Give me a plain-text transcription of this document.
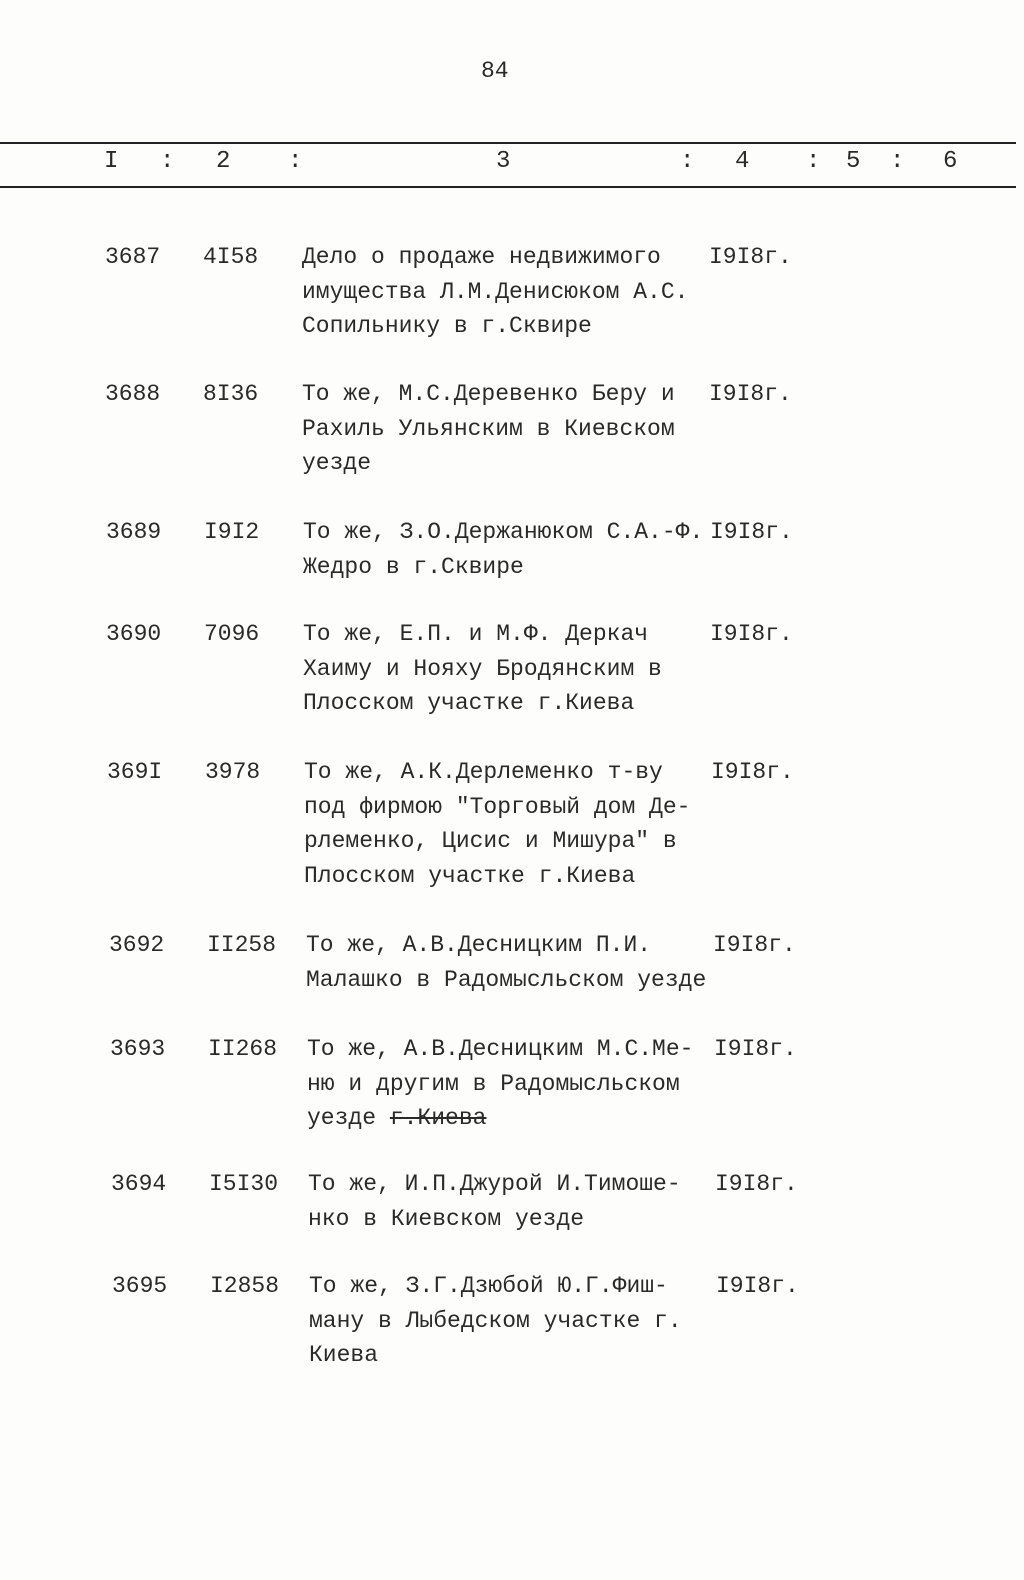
84
I : 2 :	3	: 4 : 5 : 6
3687 4I58 Дело о продаже недвижимого
имущества Л.М.Денисюком А.С.
Сопильнику в г.Сквире
I9I8г.
3688 8I36 То же, М.С.Деревенко Беру и
Рахиль Ульянским в Киевском
уезде
I9I8г.
3689 I9I2 То же, З.О.Держанюком С.А.-Ф.
Жедро в г.Сквире
I9I8г.
3690 7096 То же, Е.П. и М.Ф. Деркач
Хаиму и Нояху Бродянским в
Плосском участке г.Киева
I9I8г.
369I 3978 То же, А.К.Дерлеменко т-ву
под фирмою "Торговый дом Де-
рлеменко, Цисис и Мишура" в
Плосском участке г.Киева
I9I8г.
3692 II258 То же, А.В.Десницким П.И.
Малашко в Радомысльском уезде
I9I8г.
3693 II268 То же, А.В.Десницким М.С.Ме-
ню и другим в Радомысльском
уезде г.Киева
I9I8г.
3694 I5I30 То же, И.П.Джурой И.Тимоше-
нко в Киевском уезде
I9I8г.
3695 I2858 То же, З.Г.Дзюбой Ю.Г.Фиш-
ману в Лыбедском участке г.
Киева
I9I8г.
